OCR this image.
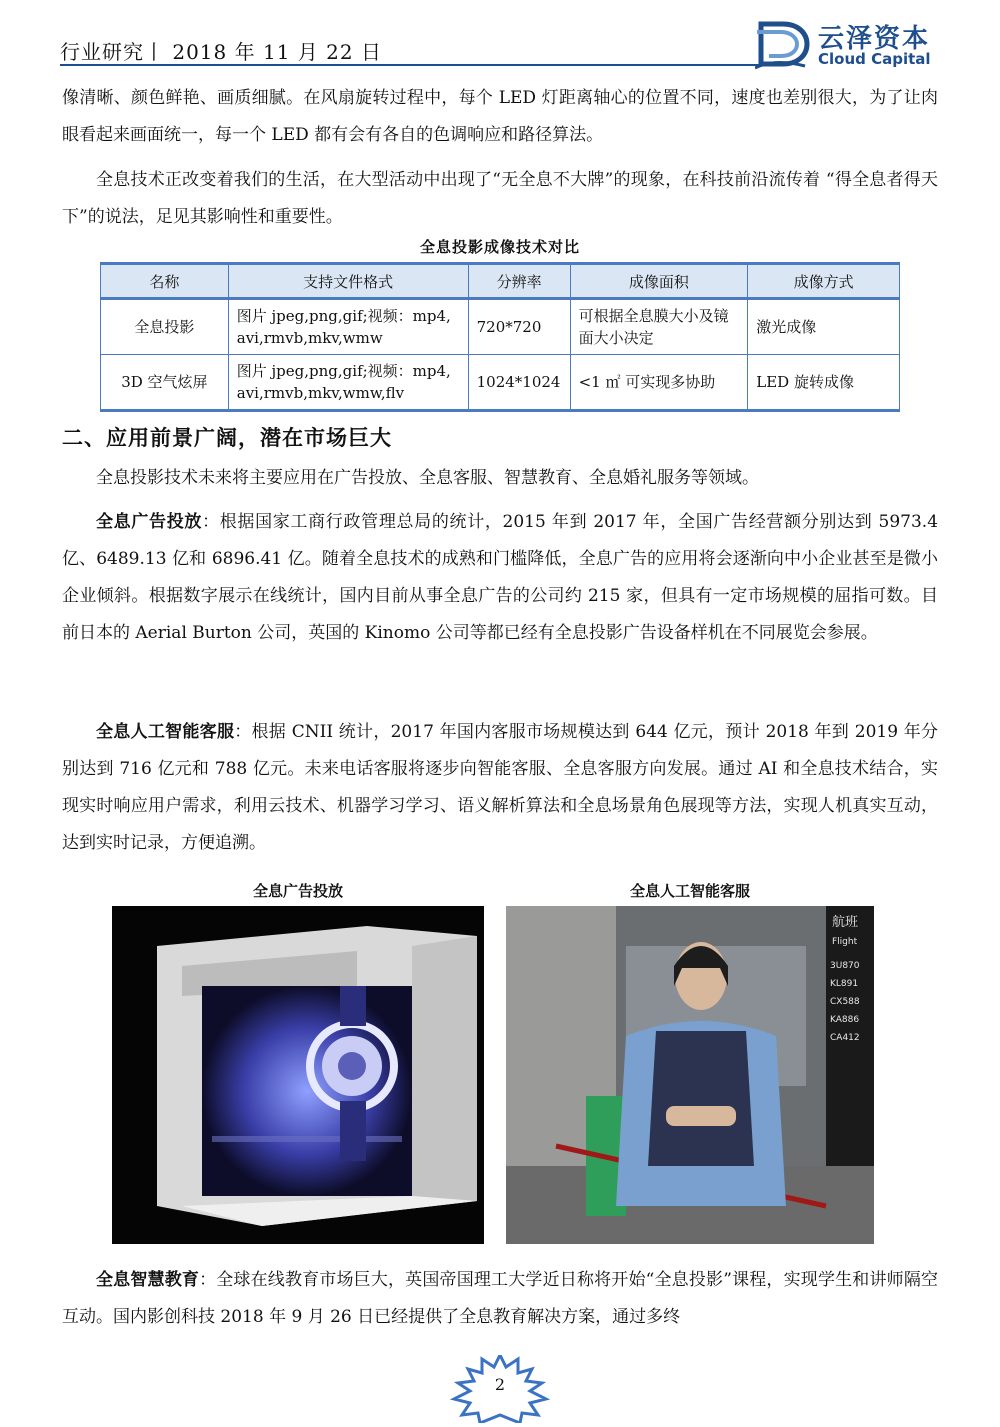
行业研究丨 2018 年 11 月 22 日	云泽资本
Cloud Capital
像清晰、颜色鲜艳、画质细腻。在风扇旋转过程中，每个 LED 灯距离轴心的位置不同，速度也差别很大，为了让肉眼看起来画面统一，每一个 LED 都有会有各自的色调响应和路径算法。
全息技术正改变着我们的生活，在大型活动中出现了“无全息不大牌”的现象，在科技前沿流传着 “得全息者得天下”的说法，足见其影响性和重要性。
全息投影成像技术对比
名称	支持文件格式	分辨率	成像面积	成像方式
全息投影	图片 jpeg,png,gif;视频：mp4, avi,rmvb,mkv,wmw	720*720	可根据全息膜大小及镜面大小决定	激光成像
3D 空气炫屏	图片 jpeg,png,gif;视频：mp4, avi,rmvb,mkv,wmw,flv	1024*1024	<1 ㎡ 可实现多协助	LED 旋转成像
二、应用前景广阔，潜在市场巨大
全息投影技术未来将主要应用在广告投放、全息客服、智慧教育、全息婚礼服务等领域。
全息广告投放：根据国家工商行政管理总局的统计，2015 年到 2017 年，全国广告经营额分别达到 5973.4 亿、6489.13 亿和 6896.41 亿。随着全息技术的成熟和门槛降低，全息广告的应用将会逐渐向中小企业甚至是微小企业倾斜。根据数字展示在线统计，国内目前从事全息广告的公司约 215 家，但具有一定市场规模的屈指可数。目前日本的 Aerial Burton 公司，英国的 Kinomo 公司等都已经有全息投影广告设备样机在不同展览会参展。
全息人工智能客服：根据 CNII 统计，2017 年国内客服市场规模达到 644 亿元，预计 2018 年到 2019 年分别达到 716 亿元和 788 亿元。未来电话客服将逐步向智能客服、全息客服方向发展。通过 AI 和全息技术结合，实现实时响应用户需求，利用云技术、机器学习学习、语义解析算法和全息场景角色展现等方法，实现人机真实互动，达到实时记录，方便追溯。
全息广告投放	全息人工智能客服
航班
Flight
3U870
KL891
CX588
KA886
CA412
全息智慧教育：全球在线教育市场巨大，英国帝国理工大学近日称将开始“全息投影”课程，实现学生和讲师隔空互动。国内影创科技 2018 年 9 月 26 日已经提供了全息教育解决方案，通过多终
2
